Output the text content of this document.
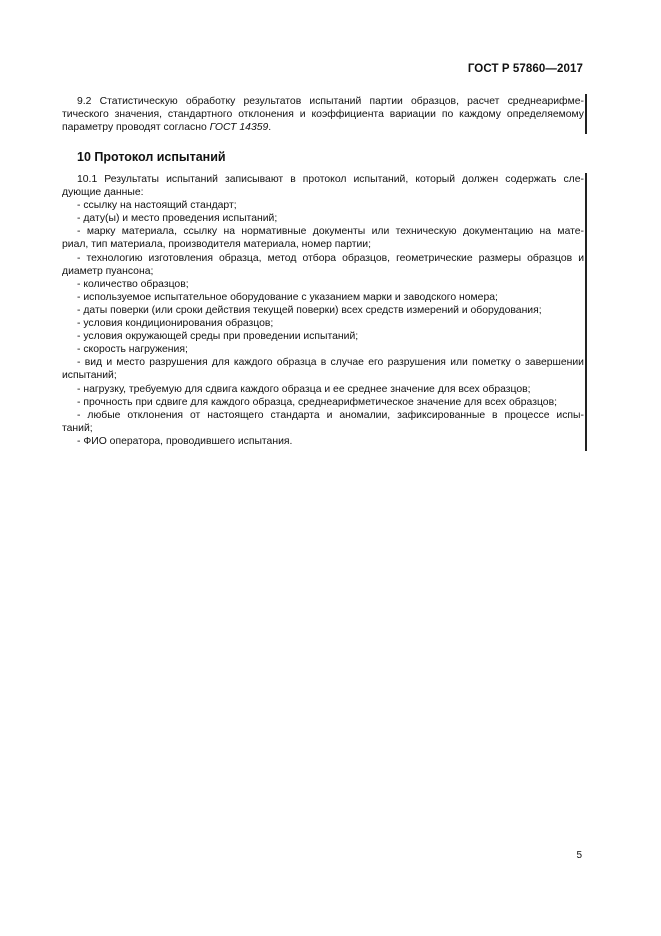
ГОСТ Р 57860—2017

9.2 Статистическую обработку результатов испытаний партии образцов, расчет среднеарифме-

тического значения, стандартного отклонения и коэффициента вариации по каждому определяемому

параметру проводят согласно ГОСТ 14359.

10 Протокол испытаний

10.1 Результаты испытаний записывают в протокол испытаний, который должен содержать сле-

дующие данные:

- ссылку на настоящий стандарт;

- дату(ы) и место проведения испытаний;

- марку материала, ссылку на нормативные документы или техническую документацию на мате-

риал, тип материала, производителя материала, номер партии;

- технологию изготовления образца, метод отбора образцов, геометрические размеры образцов и

диаметр пуансона;

- количество образцов;

- используемое испытательное оборудование с указанием марки и заводского номера;

- даты поверки (или сроки действия текущей поверки) всех средств измерений и оборудования;

- условия кондиционирования образцов;

- условия окружающей среды при проведении испытаний;

- скорость нагружения;

- вид и место разрушения для каждого образца в случае его разрушения или пометку о завершении

испытаний;

- нагрузку, требуемую для сдвига каждого образца и ее среднее значение для всех образцов;

- прочность при сдвиге для каждого образца, среднеарифметическое значение для всех образцов;

- любые отклонения от настоящего стандарта и аномалии, зафиксированные в процессе испы-

таний;

- ФИО оператора, проводившего испытания.

5
